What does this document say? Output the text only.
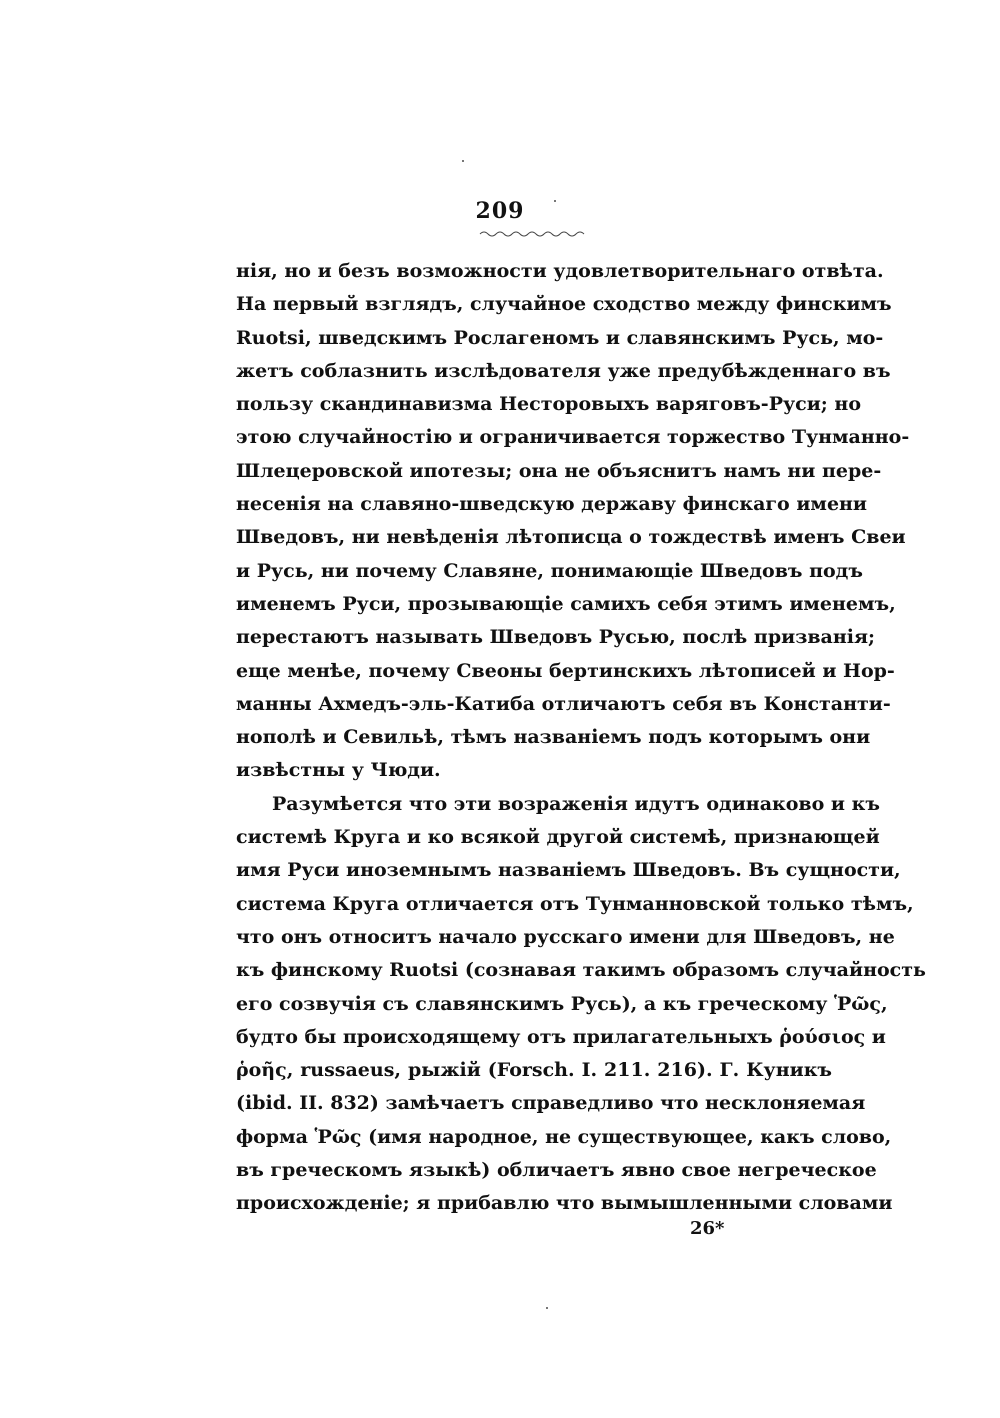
209
нія, но и безъ возможности удовлетворительнаго отвѣта.
На первый взглядъ, случайное сходство между финскимъ
Ruotsi, шведскимъ Рослагеномъ и славянскимъ Русь, мо-
жетъ соблазнить изслѣдователя уже предубѣжденнаго въ
пользу скандинавизма Несторовыхъ варяговъ-Руси; но
этою случайностію и ограничивается торжество Тунманно-
Шлецеровской ипотезы; она не объяснитъ намъ ни пере-
несенія на славяно-шведскую державу финскаго имени
Шведовъ, ни невѣденія лѣтописца о тождествѣ именъ Свеи
и Русь, ни почему Славяне, понимающіе Шведовъ подъ
именемъ Руси, прозывающіе самихъ себя этимъ именемъ,
перестаютъ называть Шведовъ Русью, послѣ призванія;
еще менѣе, почему Свеоны бертинскихъ лѣтописей и Нор-
манны Ахмедъ-эль-Катиба отличаютъ себя въ Константи-
нополѣ и Севильѣ, тѣмъ названіемъ подъ которымъ они
извѣстны у Чюди.
Разумѣется что эти возраженія идутъ одинаково и къ
системѣ Круга и ко всякой другой системѣ, признающей
имя Руси иноземнымъ названіемъ Шведовъ. Въ сущности,
система Круга отличается отъ Тунманновской только тѣмъ,
что онъ относитъ начало русскаго имени для Шведовъ, не
къ финскому Ruotsi (сознавая такимъ образомъ случайность
его созвучія съ славянскимъ Русь), а къ греческому Ῥῶς,
будто бы происходящему отъ прилагательныхъ ῥούσιος и
ῥοῆς, russaeus, рыжій (Forsch. I. 211. 216). Г. Куникъ
(ibid. II. 832) замѣчаетъ справедливо что несклоняемая
форма Ῥῶς (имя народное, не существующее, какъ слово,
въ греческомъ языкѣ) обличаетъ явно свое негреческое
происхожденіе; я прибавлю что вымышленными словами
26*
